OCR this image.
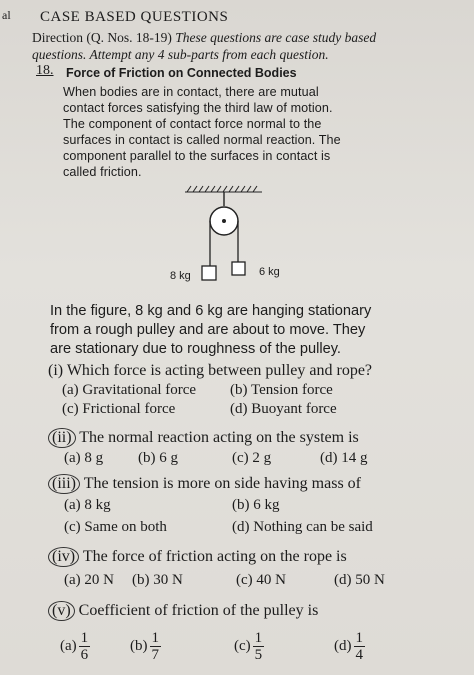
al CASE BASED QUESTIONS
Direction (Q. Nos. 18-19) These questions are case study based
questions. Attempt any 4 sub-parts from each question.
18. Force of Friction on Connected Bodies
When bodies are in contact, there are mutual
contact forces satisfying the third law of motion.
The component of contact force normal to the
surfaces in contact is called normal reaction. The
component parallel to the surfaces in contact is
called friction.
8 kg	6 kg
In the figure, 8 kg and 6 kg are hanging stationary
from a rough pulley and are about to move. They
are stationary due to roughness of the pulley.
(i) Which force is acting between pulley and rope?
(a) Gravitational force (b) Tension force
(c) Frictional force	(d) Buoyant force
(ii) The normal reaction acting on the system is
(a) 8 g (b) 6 g	(c) 2 g	(d) 14 g
(iii) The tension is more on side having mass of
(a) 8 kg	(b) 6 kg
(c) Same on both	(d) Nothing can be said
(iv) The force of friction acting on the rope is
(a) 20 N (b) 30 N	(c) 40 N	(d) 50 N
(v) Coefficient of friction of the pulley is
$(a) \frac{1}{6}$	$(b) \frac{1}{7}$	$(c) \frac{1}{5}$	$(d) \frac{1}{4}$
